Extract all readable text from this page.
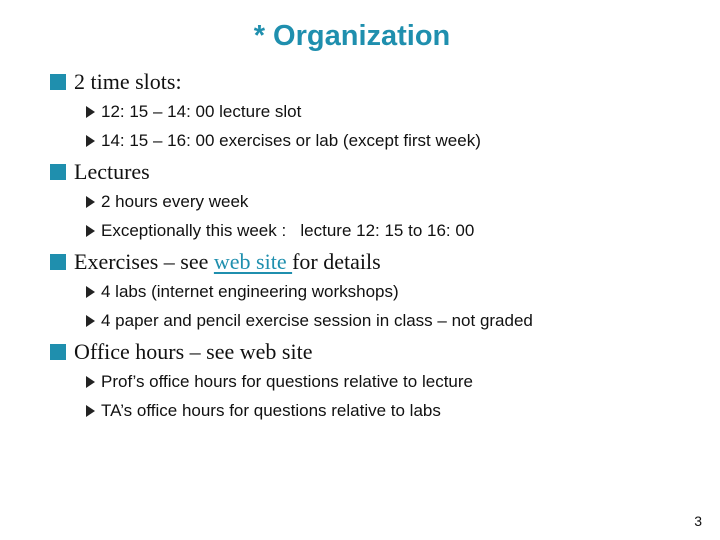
* Organization
2 time slots:
12: 15 – 14: 00 lecture slot
14: 15 – 16: 00 exercises or lab (except first week)
Lectures
2 hours every week
Exceptionally this week :   lecture 12: 15 to 16: 00
Exercises – see web site for details
4 labs (internet engineering workshops)
4 paper and pencil exercise session in class – not graded
Office hours – see web site
Prof’s office hours for questions relative to lecture
TA’s office hours for questions relative to labs
3
